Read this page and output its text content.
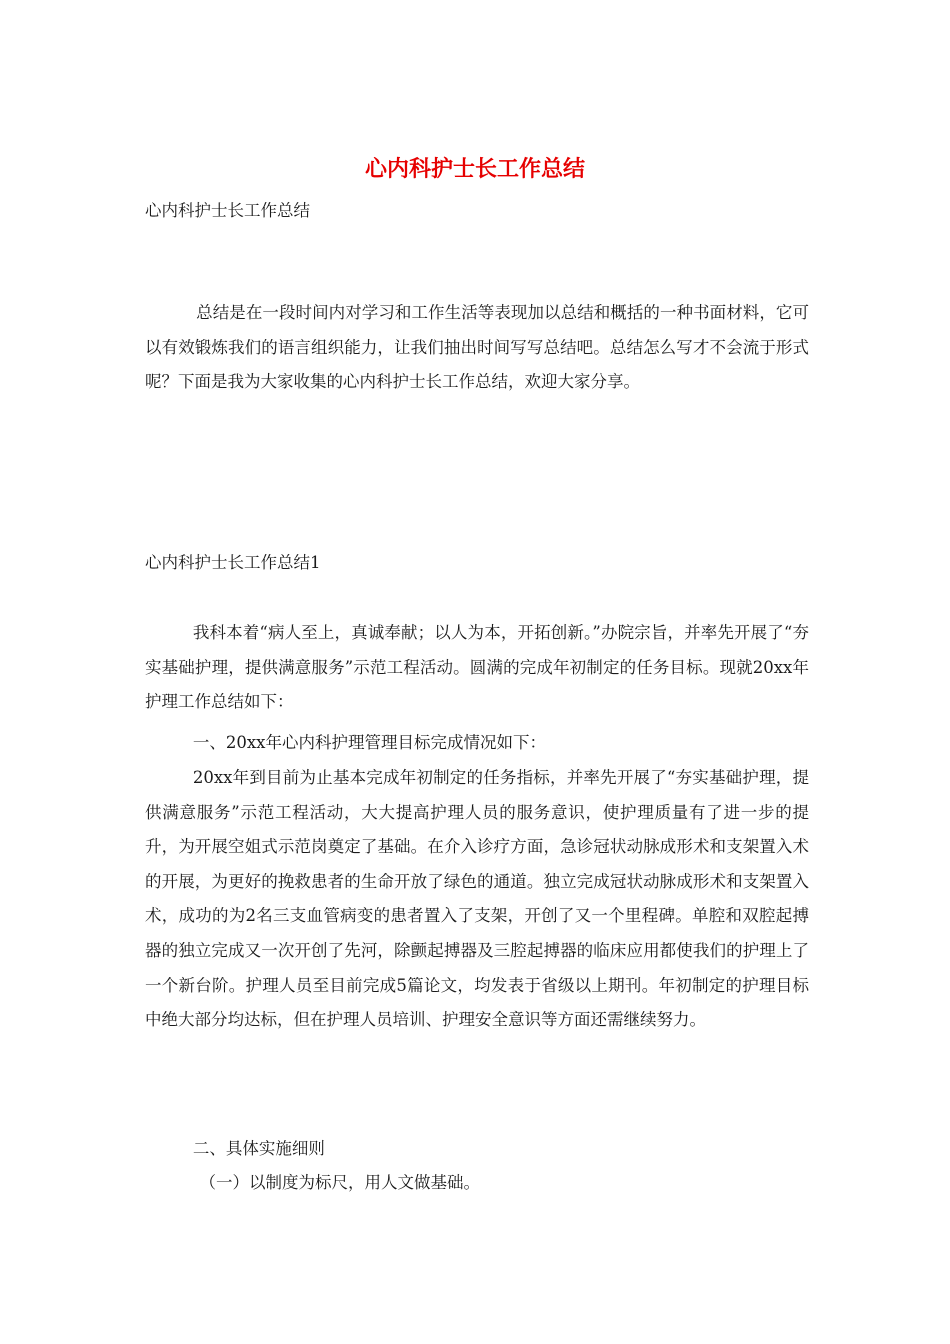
心内科护士长工作总结

心内科护士长工作总结

总结是在一段时间内对学习和工作生活等表现加以总结和概括的一种书面材料，它可以有效锻炼我们的语言组织能力，让我们抽出时间写写总结吧。总结怎么写才不会流于形式呢？下面是我为大家收集的心内科护士长工作总结，欢迎大家分享。

心内科护士长工作总结1

我科本着“病人至上，真诚奉献；以人为本，开拓创新。”办院宗旨，并率先开展了“夯实基础护理，提供满意服务”示范工程活动。圆满的完成年初制定的任务目标。现就20xx年护理工作总结如下：

一、20xx年心内科护理管理目标完成情况如下：

20xx年到目前为止基本完成年初制定的任务指标，并率先开展了“夯实基础护理，提供满意服务”示范工程活动，大大提高护理人员的服务意识，使护理质量有了进一步的提升，为开展空姐式示范岗奠定了基础。在介入诊疗方面，急诊冠状动脉成形术和支架置入术的开展，为更好的挽救患者的生命开放了绿色的通道。独立完成冠状动脉成形术和支架置入术，成功的为2名三支血管病变的患者置入了支架，开创了又一个里程碑。单腔和双腔起搏器的独立完成又一次开创了先河，除颤起搏器及三腔起搏器的临床应用都使我们的护理上了一个新台阶。护理人员至目前完成5篇论文，均发表于省级以上期刊。年初制定的护理目标中绝大部分均达标，但在护理人员培训、护理安全意识等方面还需继续努力。

二、具体实施细则

（一）以制度为标尺，用人文做基础。
